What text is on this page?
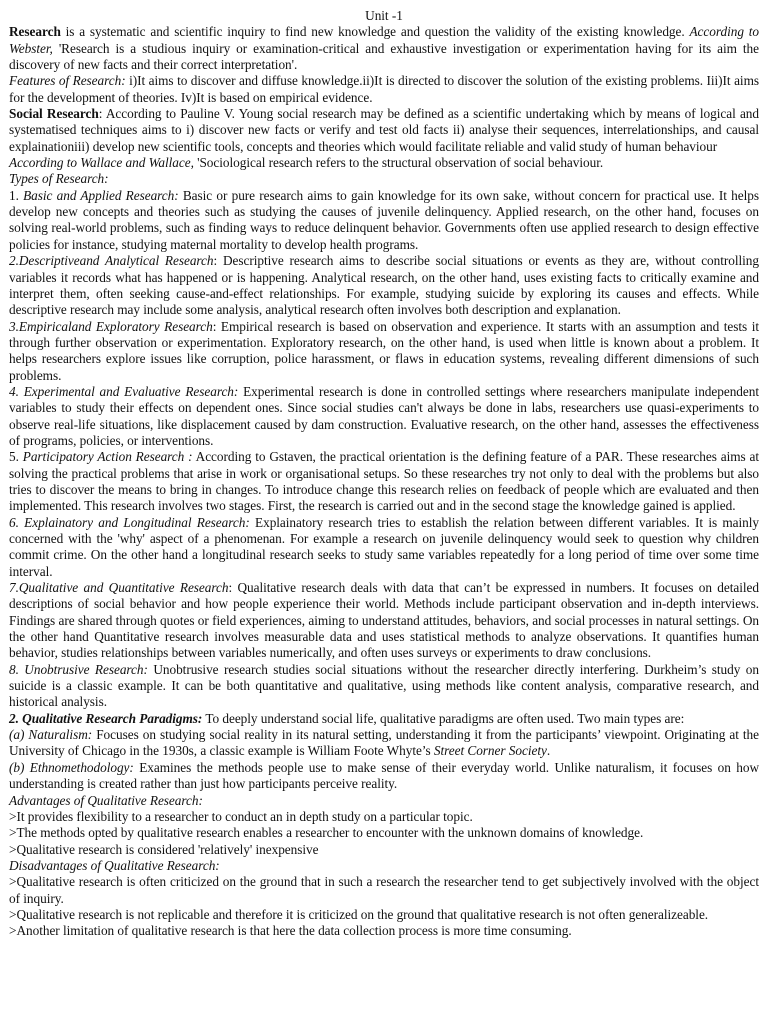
Unit -1

Research is a systematic and scientific inquiry to find new knowledge and question the validity of the existing knowledge. According to Webster, 'Research is a studious inquiry or examination-critical and exhaustive investigation or experimentation having for its aim the discovery of new facts and their correct interpretation'.

Features of Research: i)It aims to discover and diffuse knowledge.ii)It is directed to discover the solution of the existing problems. Iii)It aims for the development of theories. Iv)It is based on empirical evidence.

Social Research: According to Pauline V. Young social research may be defined as a scientific undertaking which by means of logical and systematised techniques aims to i) discover new facts or verify and test old facts ii) analyse their sequences, interrelationships, and causal explainationiii) develop new scientific tools, concepts and theories which would facilitate reliable and valid study of human behaviour

According to Wallace and Wallace, 'Sociological research refers to the structural observation of social behaviour.

Types of Research:

1. Basic and Applied Research: Basic or pure research aims to gain knowledge for its own sake, without concern for practical use. It helps develop new concepts and theories such as studying the causes of juvenile delinquency. Applied research, on the other hand, focuses on solving real-world problems, such as finding ways to reduce delinquent behavior. Governments often use applied research to design effective policies for instance, studying maternal mortality to develop health programs.

2.Descriptiveand Analytical Research: Descriptive research aims to describe social situations or events as they are, without controlling variables it records what has happened or is happening. Analytical research, on the other hand, uses existing facts to critically examine and interpret them, often seeking cause-and-effect relationships. For example, studying suicide by exploring its causes and effects. While descriptive research may include some analysis, analytical research often involves both description and explanation.

3.Empiricaland Exploratory Research: Empirical research is based on observation and experience. It starts with an assumption and tests it through further observation or experimentation. Exploratory research, on the other hand, is used when little is known about a problem. It helps researchers explore issues like corruption, police harassment, or flaws in education systems, revealing different dimensions of such problems.

4. Experimental and Evaluative Research: Experimental research is done in controlled settings where researchers manipulate independent variables to study their effects on dependent ones. Since social studies can't always be done in labs, researchers use quasi-experiments to observe real-life situations, like displacement caused by dam construction. Evaluative research, on the other hand, assesses the effectiveness of programs, policies, or interventions.

5. Participatory Action Research : According to Gstaven, the practical orientation is the defining feature of a PAR. These researches aims at solving the practical problems that arise in work or organisational setups. So these researches try not only to deal with the problems but also tries to discover the means to bring in changes. To introduce change this research relies on feedback of people which are evaluated and then implemented. This research involves two stages. First, the research is carried out and in the second stage the knowledge gained is applied.

6. Explainatory and Longitudinal Research: Explainatory research tries to establish the relation between different variables. It is mainly concerned with the 'why' aspect of a phenomenan. For example a research on juvenile delinquency would seek to question why children commit crime. On the other hand a longitudinal research seeks to study same variables repeatedly for a long period of time over some time interval.

7.Qualitative and Quantitative Research: Qualitative research deals with data that can’t be expressed in numbers. It focuses on detailed descriptions of social behavior and how people experience their world. Methods include participant observation and in-depth interviews. Findings are shared through quotes or field experiences, aiming to understand attitudes, behaviors, and social processes in natural settings. On the other hand Quantitative research involves measurable data and uses statistical methods to analyze observations. It quantifies human behavior, studies relationships between variables numerically, and often uses surveys or experiments to draw conclusions.

8. Unobtrusive Research: Unobtrusive research studies social situations without the researcher directly interfering. Durkheim’s study on suicide is a classic example. It can be both quantitative and qualitative, using methods like content analysis, comparative research, and historical analysis.

2. Qualitative Research Paradigms: To deeply understand social life, qualitative paradigms are often used. Two main types are:

(a) Naturalism: Focuses on studying social reality in its natural setting, understanding it from the participants’ viewpoint. Originating at the University of Chicago in the 1930s, a classic example is William Foote Whyte’s Street Corner Society.

(b) Ethnomethodology: Examines the methods people use to make sense of their everyday world. Unlike naturalism, it focuses on how understanding is created rather than just how participants perceive reality.

Advantages of Qualitative Research:

>It provides flexibility to a researcher to conduct an in depth study on a particular topic.

>The methods opted by qualitative research enables a researcher to encounter with the unknown domains of knowledge.

>Qualitative research is considered 'relatively' inexpensive

Disadvantages of Qualitative Research:

>Qualitative research is often criticized on the ground that in such a research the researcher tend to get subjectively involved with the object of inquiry.

>Qualitative research is not replicable and therefore it is criticized on the ground that qualitative research is not often generalizeable.

>Another limitation of qualitative research is that here the data collection process is more time consuming.
